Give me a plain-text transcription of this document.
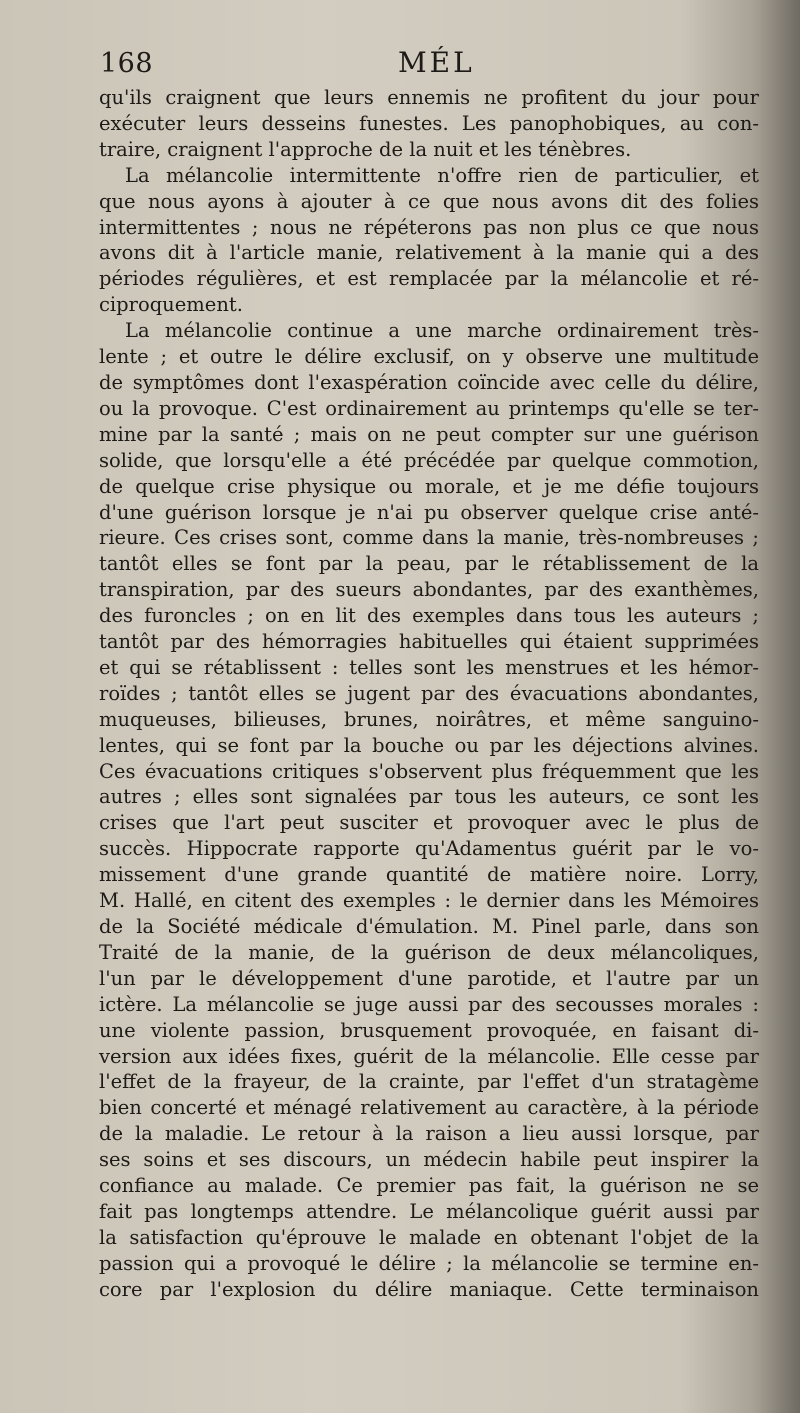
168	MÉL
qu'ils craignent que leurs ennemis ne profitent du jour pour
exécuter leurs desseins funestes. Les panophobiques, au con-
traire, craignent l'approche de la nuit et les ténèbres.
La mélancolie intermittente n'offre rien de particulier, et
que nous ayons à ajouter à ce que nous avons dit des folies
intermittentes ; nous ne répéterons pas non plus ce que nous
avons dit à l'article manie, relativement à la manie qui a des
périodes régulières, et est remplacée par la mélancolie et ré-
ciproquement.
La mélancolie continue a une marche ordinairement très-
lente ; et outre le délire exclusif, on y observe une multitude
de symptômes dont l'exaspération coïncide avec celle du délire,
ou la provoque. C'est ordinairement au printemps qu'elle se ter-
mine par la santé ; mais on ne peut compter sur une guérison
solide, que lorsqu'elle a été précédée par quelque commotion,
de quelque crise physique ou morale, et je me défie toujours
d'une guérison lorsque je n'ai pu observer quelque crise anté-
rieure. Ces crises sont, comme dans la manie, très-nombreuses ;
tantôt elles se font par la peau, par le rétablissement de la
transpiration, par des sueurs abondantes, par des exanthèmes,
des furoncles ; on en lit des exemples dans tous les auteurs ;
tantôt par des hémorragies habituelles qui étaient supprimées
et qui se rétablissent : telles sont les menstrues et les hémor-
roïdes ; tantôt elles se jugent par des évacuations abondantes,
muqueuses, bilieuses, brunes, noirâtres, et même sanguino-
lentes, qui se font par la bouche ou par les déjections alvines.
Ces évacuations critiques s'observent plus fréquemment que les
autres ; elles sont signalées par tous les auteurs, ce sont les
crises que l'art peut susciter et provoquer avec le plus de
succès. Hippocrate rapporte qu'Adamentus guérit par le vo-
missement d'une grande quantité de matière noire. Lorry,
M. Hallé, en citent des exemples : le dernier dans les Mémoires
de la Société médicale d'émulation. M. Pinel parle, dans son
Traité de la manie, de la guérison de deux mélancoliques,
l'un par le développement d'une parotide, et l'autre par un
ictère. La mélancolie se juge aussi par des secousses morales :
une violente passion, brusquement provoquée, en faisant di-
version aux idées fixes, guérit de la mélancolie. Elle cesse par
l'effet de la frayeur, de la crainte, par l'effet d'un stratagème
bien concerté et ménagé relativement au caractère, à la période
de la maladie. Le retour à la raison a lieu aussi lorsque, par
ses soins et ses discours, un médecin habile peut inspirer la
confiance au malade. Ce premier pas fait, la guérison ne se
fait pas longtemps attendre. Le mélancolique guérit aussi par
la satisfaction qu'éprouve le malade en obtenant l'objet de la
passion qui a provoqué le délire ; la mélancolie se termine en-
core par l'explosion du délire maniaque. Cette terminaison
